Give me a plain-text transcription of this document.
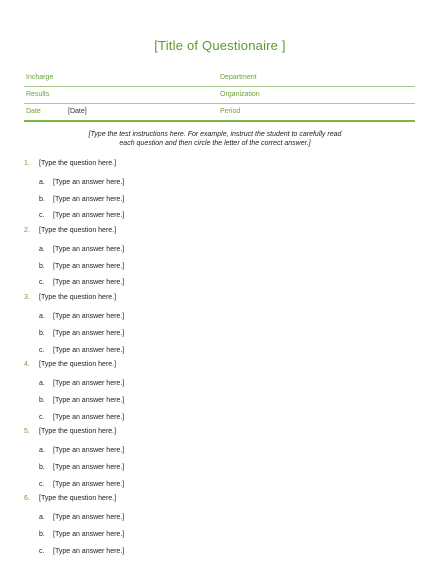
[Title of Questionaire ]
Incharge	Department
Results	Organization
Date	[Date]	Period
[Type the test instructions here. For example, instruct the student to carefully read
each question and then circle the letter of the correct answer.]
1. [Type the question here.]
a. [Type an answer here.]
b. [Type an answer here.]
c. [Type an answer here.]
2. [Type the question here.]
a. [Type an answer here.]
b. [Type an answer here.]
c. [Type an answer here.]
3. [Type the question here.]
a. [Type an answer here.]
b. [Type an answer here.]
c. [Type an answer here.]
4. [Type the question here.]
a. [Type an answer here.]
b. [Type an answer here.]
c. [Type an answer here.]
5. [Type the question here.]
a. [Type an answer here.]
b. [Type an answer here.]
c. [Type an answer here.]
6. [Type the question here.]
a. [Type an answer here.]
b. [Type an answer here.]
c. [Type an answer here.]
